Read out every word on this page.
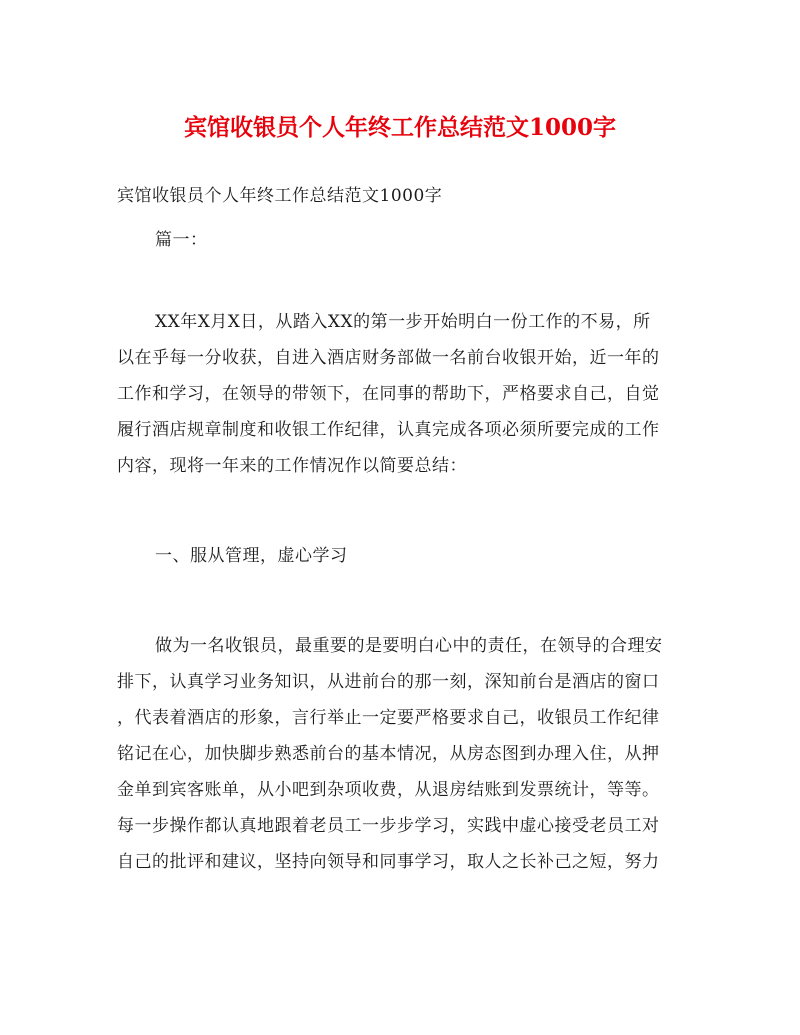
宾馆收银员个人年终工作总结范文1000字
宾馆收银员个人年终工作总结范文1000字
篇一：
XX年X月X日，从踏入XX的第一步开始明白一份工作的不易，所
以在乎每一分收获，自进入酒店财务部做一名前台收银开始，近一年的
工作和学习，在领导的带领下，在同事的帮助下，严格要求自己，自觉
履行酒店规章制度和收银工作纪律，认真完成各项必须所要完成的工作
内容，现将一年来的工作情况作以简要总结：
一、服从管理，虚心学习
做为一名收银员，最重要的是要明白心中的责任，在领导的合理安
排下，认真学习业务知识，从进前台的那一刻，深知前台是酒店的窗口
，代表着酒店的形象，言行举止一定要严格要求自己，收银员工作纪律
铭记在心，加快脚步熟悉前台的基本情况，从房态图到办理入住，从押
金单到宾客账单，从小吧到杂项收费，从退房结账到发票统计，等等。
每一步操作都认真地跟着老员工一步步学习，实践中虚心接受老员工对
自己的批评和建议，坚持向领导和同事学习，取人之长补己之短，努力
